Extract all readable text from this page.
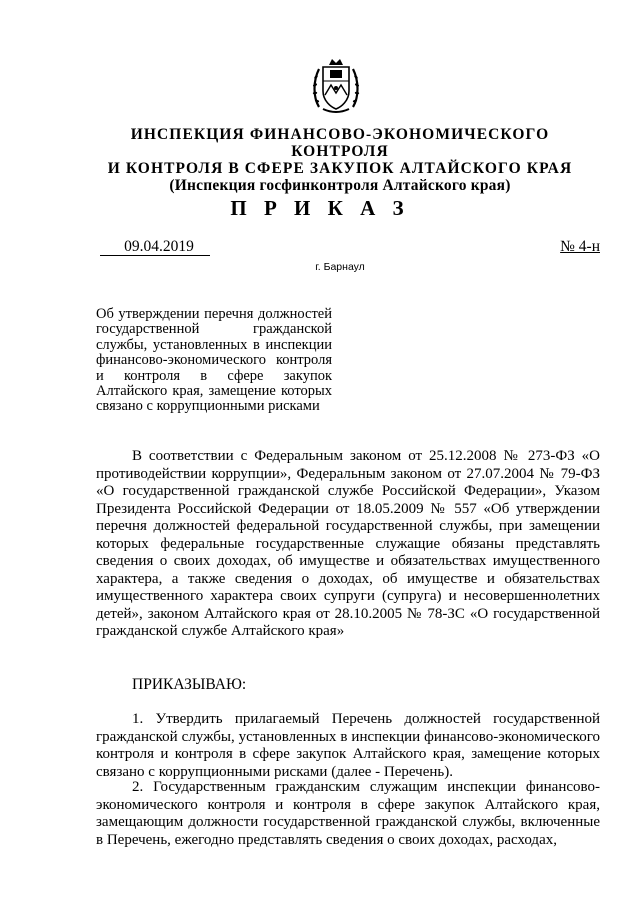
ИНСПЕКЦИЯ ФИНАНСОВО-ЭКОНОМИЧЕСКОГО КОНТРОЛЯ
И КОНТРОЛЯ В СФЕРЕ ЗАКУПОК АЛТАЙСКОГО КРАЯ
(Инспекция госфинконтроля Алтайского края)
П Р И К А З
09.04.2019	№ 4-н
г. Барнаул
Об утверждении перечня должностей государственной гражданской службы, установленных в инспекции финансово-экономического контроля и контроля в сфере закупок Алтайского края, замещение которых связано с коррупционными рисками
В соответствии с Федеральным законом от 25.12.2008 № 273-ФЗ «О противодействии коррупции», Федеральным законом от 27.07.2004 № 79-ФЗ «О государственной гражданской службе Российской Федерации», Указом Президента Российской Федерации от 18.05.2009 № 557 «Об утверждении перечня должностей федеральной государственной службы, при замещении которых федеральные государственные служащие обязаны представлять сведения о своих доходах, об имуществе и обязательствах имущественного характера, а также сведения о доходах, об имуществе и обязательствах имущественного характера своих супруги (супруга) и несовершеннолетних детей», законом Алтайского края от 28.10.2005 № 78-ЗС «О государственной гражданской службе Алтайского края»
ПРИКАЗЫВАЮ:
1. Утвердить прилагаемый Перечень должностей государственной гражданской службы, установленных в инспекции финансово-экономического контроля и контроля в сфере закупок Алтайского края, замещение которых связано с коррупционными рисками (далее - Перечень).
2. Государственным гражданским служащим инспекции финансово-экономического контроля и контроля в сфере закупок Алтайского края, замещающим должности государственной гражданской службы, включенные в Перечень, ежегодно представлять сведения о своих доходах, расходах,
